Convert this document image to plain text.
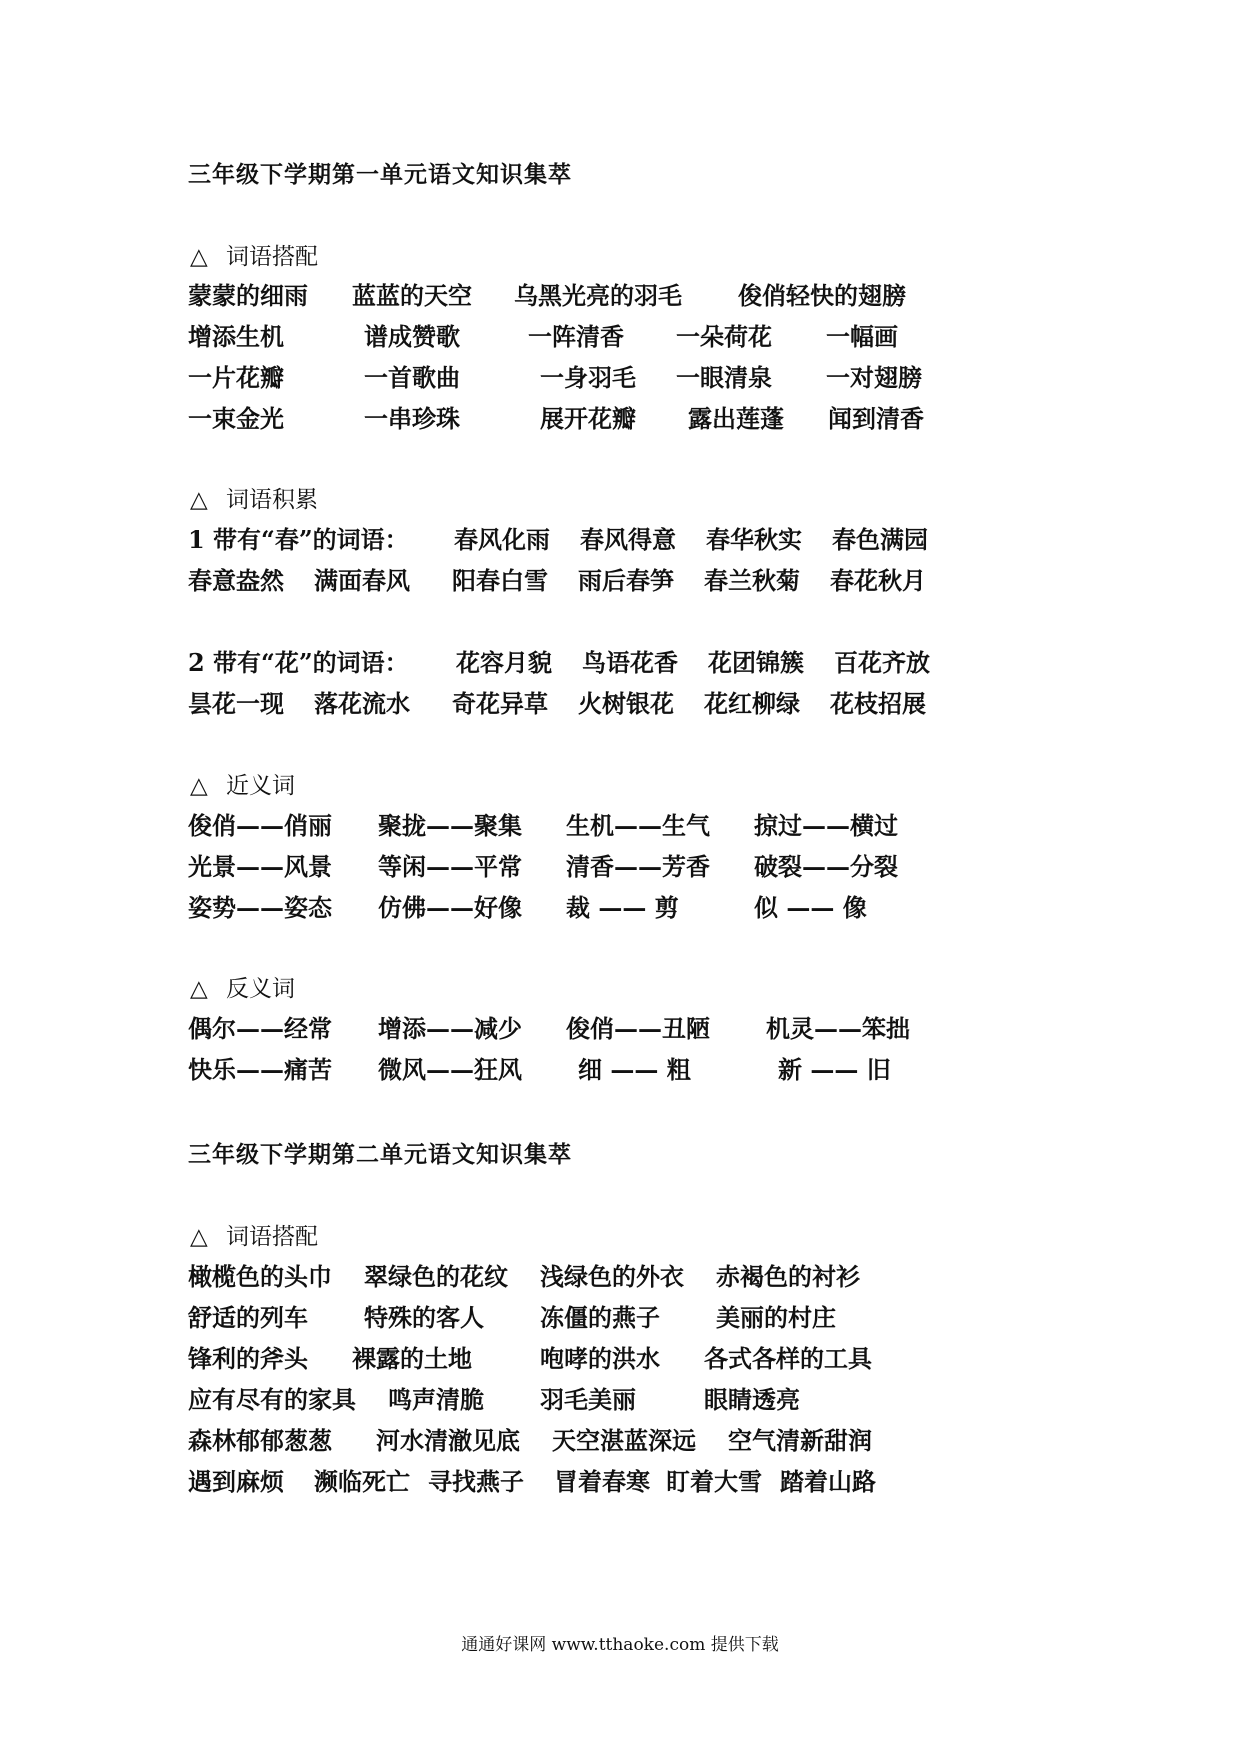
三年级下学期第一单元语文知识集萃
△ 词语搭配
蒙蒙的细雨 蓝蓝的天空 乌黑光亮的羽毛 俊俏轻快的翅膀
增添生机	谱成赞歌	一阵清香 一朵荷花 一幅画
一片花瓣	一首歌曲	一身羽毛 一眼清泉 一对翅膀
一束金光	一串珍珠	展开花瓣 露出莲蓬 闻到清香
△ 词语积累
1 带有“春”的词语： 春风化雨 春风得意 春华秋实 春色满园
春意盎然 满面春风 阳春白雪 雨后春笋 春兰秋菊 春花秋月
2 带有“花”的词语： 花容月貌 鸟语花香 花团锦簇 百花齐放
昙花一现 落花流水 奇花异草 火树银花 花红柳绿 花枝招展
△ 近义词
俊俏——俏丽 聚拢——聚集 生机——生气 掠过——横过
光景——风景 等闲——平常 清香——芳香 破裂——分裂
姿势——姿态 仿佛——好像 裁 —— 剪	似 —— 像
△ 反义词
偶尔——经常 增添——减少 俊俏——丑陋 机灵——笨拙
快乐——痛苦 微风——狂风 细 —— 粗	新 —— 旧
三年级下学期第二单元语文知识集萃
△ 词语搭配
橄榄色的头巾 翠绿色的花纹 浅绿色的外衣 赤褐色的衬衫
舒适的列车 特殊的客人 冻僵的燕子 美丽的村庄
锋利的斧头 裸露的土地	咆哮的洪水 各式各样的工具
应有尽有的家具 鸣声清脆 羽毛美丽	眼睛透亮
森林郁郁葱葱 河水清澈见底 天空湛蓝深远 空气清新甜润
遇到麻烦 濒临死亡 寻找燕子 冒着春寒 盯着大雪 踏着山路
通通好课网 www.tthaoke.com 提供下载
